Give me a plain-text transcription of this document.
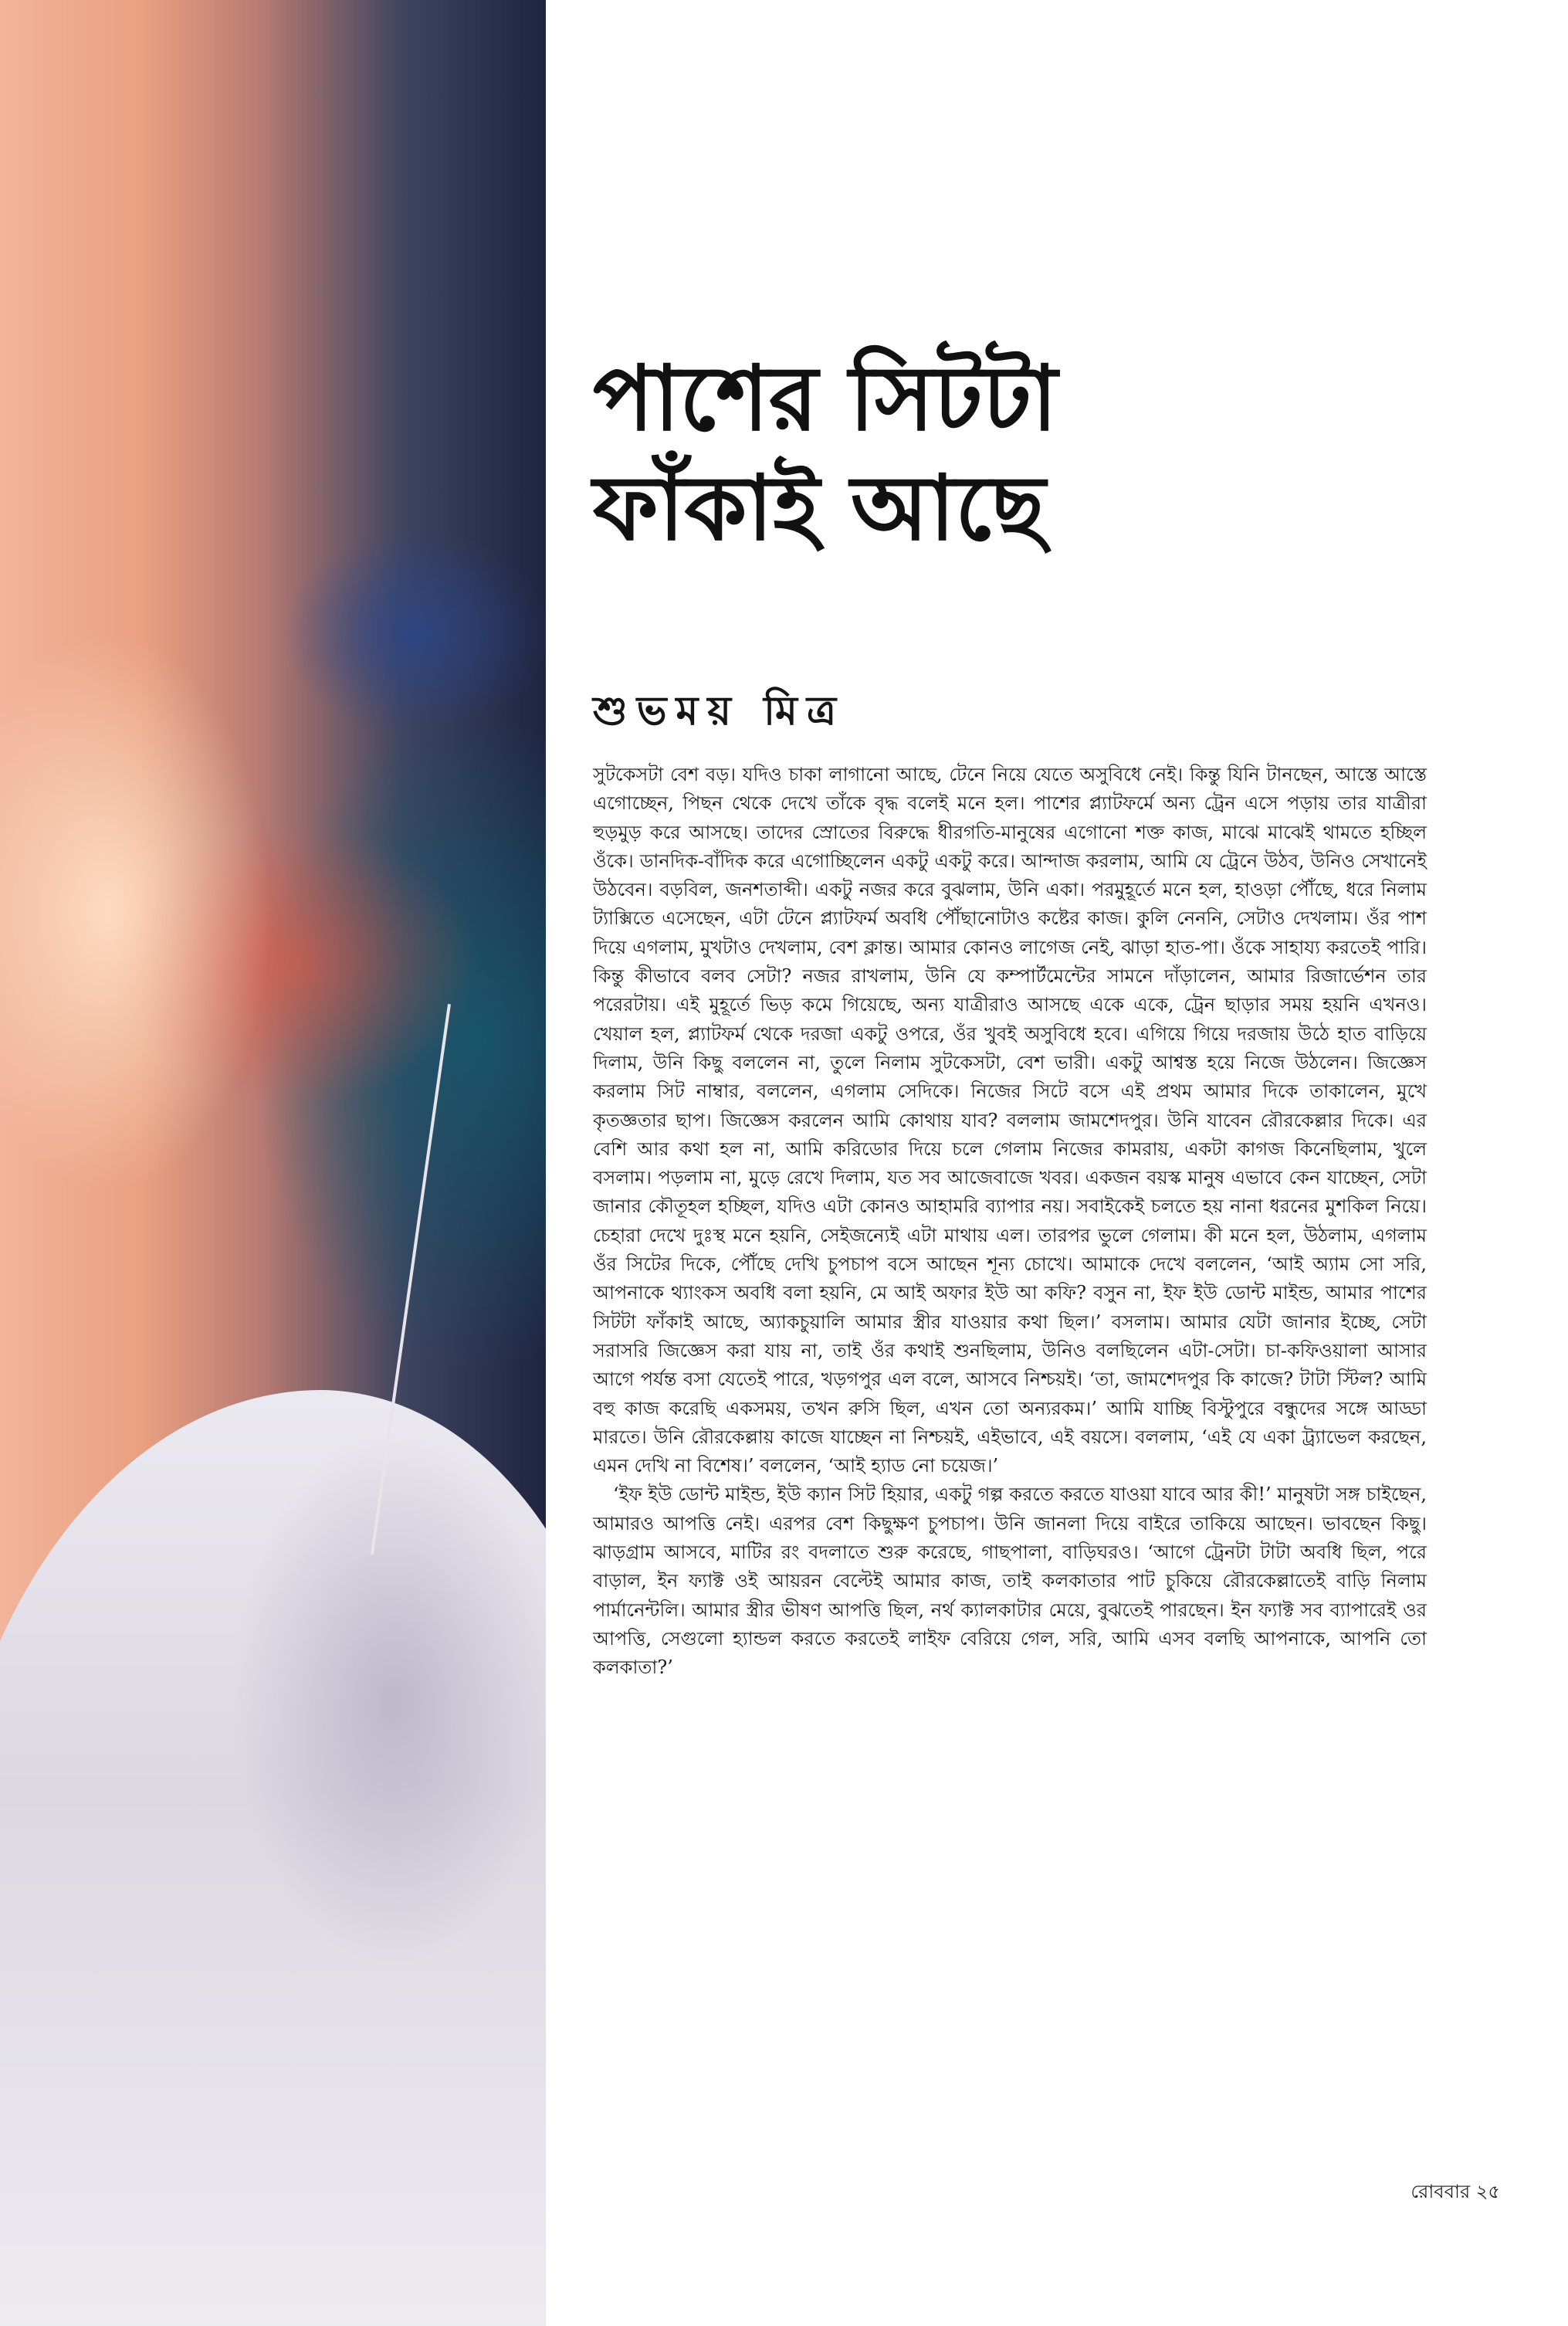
পাশের সিটটা
ফাঁকাই আছে

শুভময় মিত্র

সুটকেসটা বেশ বড়। যদিও চাকা লাগানো আছে, টেনে নিয়ে যেতে অসুবিধে নেই। কিন্তু যিনি টানছেন, আস্তে আস্তে এগোচ্ছেন, পিছন থেকে দেখে তাঁকে বৃদ্ধ বলেই মনে হল। পাশের প্ল্যাটফর্মে অন্য ট্রেন এসে পড়ায় তার যাত্রীরা হুড়মুড় করে আসছে। তাদের স্রোতের বিরুদ্ধে ধীরগতি-মানুষের এগোনো শক্ত কাজ, মাঝে মাঝেই থামতে হচ্ছিল ওঁকে। ডানদিক-বাঁদিক করে এগোচ্ছিলেন একটু একটু করে। আন্দাজ করলাম, আমি যে ট্রেনে উঠব, উনিও সেখানেই উঠবেন। বড়বিল, জনশতাব্দী। একটু নজর করে বুঝলাম, উনি একা। পরমুহূর্তে মনে হল, হাওড়া পৌঁছে, ধরে নিলাম ট্যাক্সিতে এসেছেন, এটা টেনে প্ল্যাটফর্ম অবধি পৌঁছানোটাও কষ্টের কাজ। কুলি নেননি, সেটাও দেখলাম। ওঁর পাশ দিয়ে এগলাম, মুখটাও দেখলাম, বেশ ক্লান্ত। আমার কোনও লাগেজ নেই, ঝাড়া হাত-পা। ওঁকে সাহায্য করতেই পারি। কিন্তু কীভাবে বলব সেটা? নজর রাখলাম, উনি যে কম্পার্টমেন্টের সামনে দাঁড়ালেন, আমার রিজার্ভেশন তার পরেরটায়। এই মুহূর্তে ভিড় কমে গিয়েছে, অন্য যাত্রীরাও আসছে একে একে, ট্রেন ছাড়ার সময় হয়নি এখনও। খেয়াল হল, প্ল্যাটফর্ম থেকে দরজা একটু ওপরে, ওঁর খুবই অসুবিধে হবে। এগিয়ে গিয়ে দরজায় উঠে হাত বাড়িয়ে দিলাম, উনি কিছু বললেন না, তুলে নিলাম সুটকেসটা, বেশ ভারী। একটু আশ্বস্ত হয়ে নিজে উঠলেন। জিজ্ঞেস করলাম সিট নাম্বার, বললেন, এগলাম সেদিকে। নিজের সিটে বসে এই প্রথম আমার দিকে তাকালেন, মুখে কৃতজ্ঞতার ছাপ। জিজ্ঞেস করলেন আমি কোথায় যাব? বললাম জামশেদপুর। উনি যাবেন রৌরকেল্লার দিকে। এর বেশি আর কথা হল না, আমি করিডোর দিয়ে চলে গেলাম নিজের কামরায়, একটা কাগজ কিনেছিলাম, খুলে বসলাম। পড়লাম না, মুড়ে রেখে দিলাম, যত সব আজেবাজে খবর। একজন বয়স্ক মানুষ এভাবে কেন যাচ্ছেন, সেটা জানার কৌতূহল হচ্ছিল, যদিও এটা কোনও আহামরি ব্যাপার নয়। সবাইকেই চলতে হয় নানা ধরনের মুশকিল নিয়ে। চেহারা দেখে দুঃস্থ মনে হয়নি, সেইজন্যেই এটা মাথায় এল। তারপর ভুলে গেলাম। কী মনে হল, উঠলাম, এগলাম ওঁর সিটের দিকে, পৌঁছে দেখি চুপচাপ বসে আছেন শূন্য চোখে। আমাকে দেখে বললেন, ‘আই অ্যাম সো সরি, আপনাকে থ্যাংকস অবধি বলা হয়নি, মে আই অফার ইউ আ কফি? বসুন না, ইফ ইউ ডোন্ট মাইন্ড, আমার পাশের সিটটা ফাঁকাই আছে, অ্যাকচুয়ালি আমার স্ত্রীর যাওয়ার কথা ছিল।’ বসলাম। আমার যেটা জানার ইচ্ছে, সেটা সরাসরি জিজ্ঞেস করা যায় না, তাই ওঁর কথাই শুনছিলাম, উনিও বলছিলেন এটা-সেটা। চা-কফিওয়ালা আসার আগে পর্যন্ত বসা যেতেই পারে, খড়গপুর এল বলে, আসবে নিশ্চয়ই। ‘তা, জামশেদপুর কি কাজে? টাটা স্টিল? আমি বহু কাজ করেছি একসময়, তখন রুসি ছিল, এখন তো অন্যরকম।’ আমি যাচ্ছি বিস্টুপুরে বন্ধুদের সঙ্গে আড্ডা মারতে। উনি রৌরকেল্লায় কাজে যাচ্ছেন না নিশ্চয়ই, এইভাবে, এই বয়সে। বললাম, ‘এই যে একা ট্র্যাভেল করছেন, এমন দেখি না বিশেষ।’ বললেন, ‘আই হ্যাড নো চয়েজ।’

‘ইফ ইউ ডোন্ট মাইন্ড, ইউ ক্যান সিট হিয়ার, একটু গল্প করতে করতে যাওয়া যাবে আর কী!’ মানুষটা সঙ্গ চাইছেন, আমারও আপত্তি নেই। এরপর বেশ কিছুক্ষণ চুপচাপ। উনি জানলা দিয়ে বাইরে তাকিয়ে আছেন। ভাবছেন কিছু। ঝাড়গ্রাম আসবে, মাটির রং বদলাতে শুরু করেছে, গাছপালা, বাড়িঘরও। ‘আগে ট্রেনটা টাটা অবধি ছিল, পরে বাড়াল, ইন ফ্যাক্ট ওই আয়রন বেল্টেই আমার কাজ, তাই কলকাতার পাট চুকিয়ে রৌরকেল্লাতেই বাড়ি নিলাম পার্মানেন্টলি। আমার স্ত্রীর ভীষণ আপত্তি ছিল, নর্থ ক্যালকাটার মেয়ে, বুঝতেই পারছেন। ইন ফ্যাক্ট সব ব্যাপারেই ওর আপত্তি, সেগুলো হ্যান্ডল করতে করতেই লাইফ বেরিয়ে গেল, সরি, আমি এসব বলছি আপনাকে, আপনি তো কলকাতা?’

রোববার ২৫
